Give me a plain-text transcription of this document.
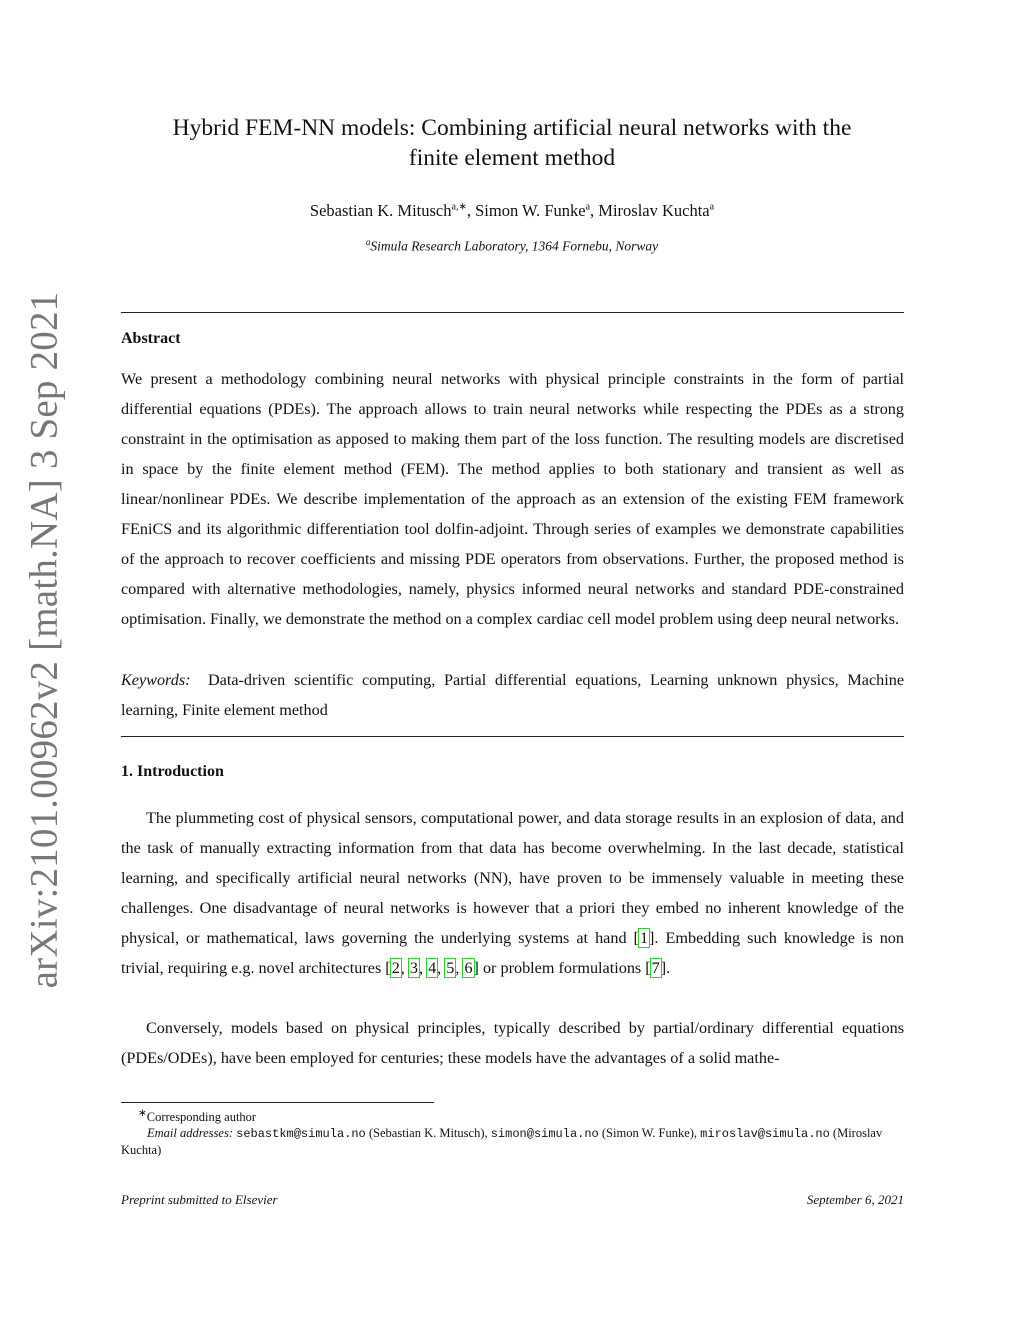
arXiv:2101.00962v2 [math.NA] 3 Sep 2021
Hybrid FEM-NN models: Combining artificial neural networks with the
finite element method
Sebastian K. Mitusch$^{a,∗}$, Simon W. Funke$^a$, Miroslav Kuchta$^a$
$^a$Simula Research Laboratory, 1364 Fornebu, Norway
Abstract
We present a methodology combining neural networks with physical principle constraints in the form of partial differential equations (PDEs). The approach allows to train neural networks while respecting the PDEs as a strong constraint in the optimisation as apposed to making them part of the loss function. The resulting models are discretised in space by the finite element method (FEM). The method applies to both stationary and transient as well as linear/nonlinear PDEs. We describe implementation of the approach as an extension of the existing FEM framework FEniCS and its algorithmic differentiation tool dolfin-adjoint. Through series of examples we demonstrate capabilities of the approach to recover coefficients and missing PDE operators from observations. Further, the proposed method is compared with alternative methodologies, namely, physics informed neural networks and standard PDE-constrained optimisation. Finally, we demonstrate the method on a complex cardiac cell model problem using deep neural networks.
Keywords: Data-driven scientific computing, Partial differential equations, Learning unknown physics, Machine learning, Finite element method
1. Introduction
The plummeting cost of physical sensors, computational power, and data storage results in an explosion of data, and the task of manually extracting information from that data has become overwhelming. In the last decade, statistical learning, and specifically artificial neural networks (NN), have proven to be immensely valuable in meeting these challenges. One disadvantage of neural networks is however that a priori they embed no inherent knowledge of the physical, or mathematical, laws governing the underlying systems at hand [1]. Embedding such knowledge is non trivial, requiring e.g. novel architectures [2, 3, 4, 5, 6] or problem formulations [7].
Conversely, models based on physical principles, typically described by partial/ordinary differential equations (PDEs/ODEs), have been employed for centuries; these models have the advantages of a solid mathe-
∗Corresponding author
Email addresses: sebastkm@simula.no (Sebastian K. Mitusch), simon@simula.no (Simon W. Funke), miroslav@simula.no (Miroslav Kuchta)
Preprint submitted to Elsevier	September 6, 2021
